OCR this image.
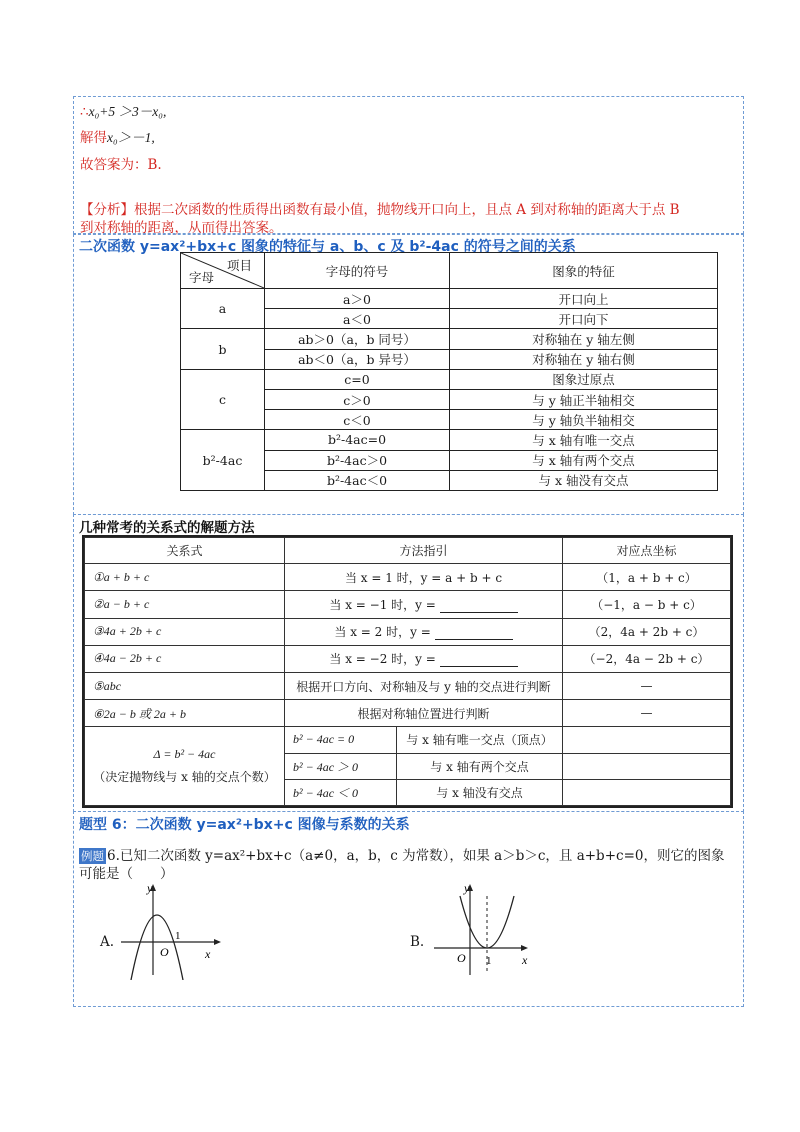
∴x₀+5 ＞3－x₀,
解得x₀＞－1,
故答案为：B.
【分析】根据二次函数的性质得出函数有最小值，抛物线开口向上，且点 A 到对称轴的距离大于点 B
到对称轴的距离，从而得出答案。
二次函数 y=ax²+bx+c 图象的特征与 a、b、c 及 b²-4ac 的符号之间的关系
项目
字母	字母的符号	图象的特征
a	a＞0	开口向上
	a＜0	开口向下
b	ab＞0（a，b 同号）	对称轴在 y 轴左侧
	ab＜0（a，b 异号）	对称轴在 y 轴右侧
c	c=0	图象过原点
	c＞0	与 y 轴正半轴相交
	c＜0	与 y 轴负半轴相交
b²-4ac	b²-4ac=0	与 x 轴有唯一交点
	b²-4ac＞0	与 x 轴有两个交点
	b²-4ac＜0	与 x 轴没有交点
几种常考的关系式的解题方法
关系式	方法指引		对应点坐标
①a + b + c	当 x = 1 时，y = a + b + c		（1，a + b + c）
②a − b + c	当 x = −1 时，y =		（−1，a − b + c）
③4a + 2b + c	当 x = 2 时，y =		（2，4a + 2b + c）
④4a − 2b + c	当 x = −2 时，y =		（−2，4a − 2b + c）
⑤abc	根据开口方向、对称轴及与 y 轴的交点进行判断		—
⑥2a − b 或 2a + b	根据对称轴位置进行判断		—

Δ = b² − 4ac
（决定抛物线与 x 轴的交点个数）	b² − 4ac = 0	与 x 轴有唯一交点（顶点）	
	b² − 4ac ＞ 0	与 x 轴有两个交点	
	b² − 4ac ＜ 0	与 x 轴没有交点	
题型 6：二次函数 y=ax²+bx+c 图像与系数的关系
例题 6.已知二次函数 y=ax²+bx+c（a≠0，a，b，c 为常数），如果 a＞b＞c，且 a+b+c=0，则它的图象
可能是（　　）
A.
y
x
O
1	B.
y
x
O 1
